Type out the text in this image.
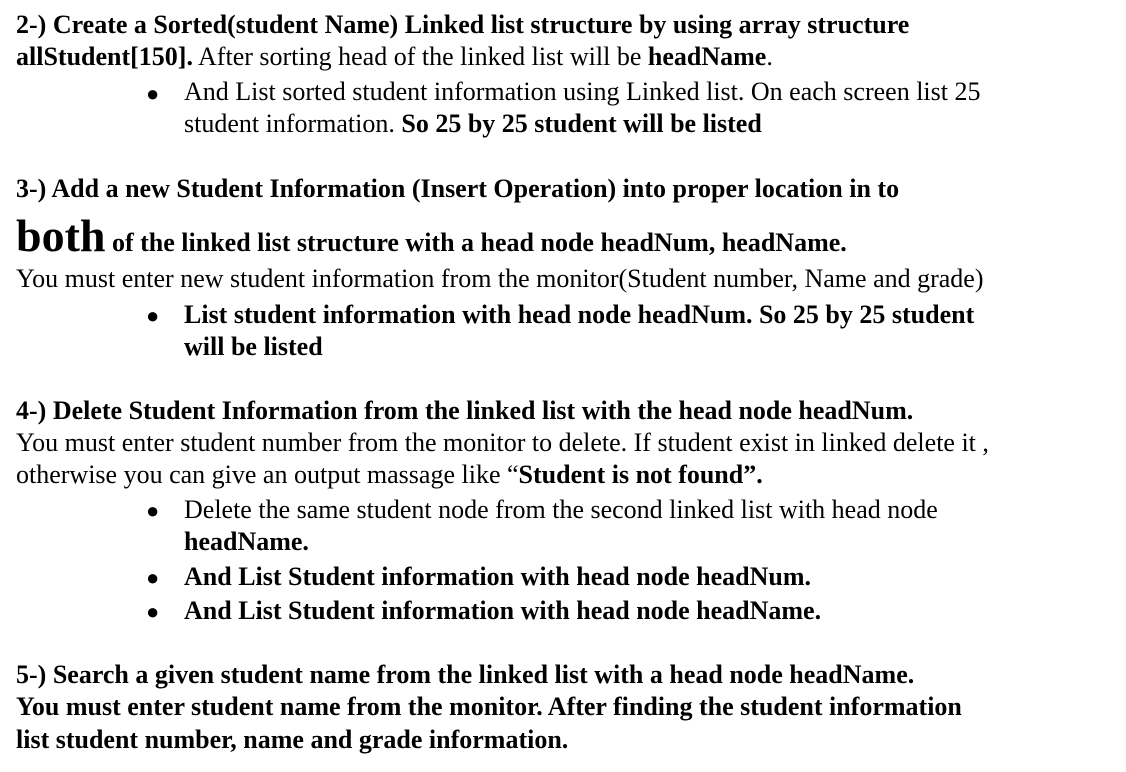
2-) Create a Sorted(student Name) Linked list structure by using array structure
allStudent[150]. After sorting head of the linked list will be headName.
● And List sorted student information using Linked list. On each screen list 25
student information. So 25 by 25 student will be listed
3-) Add a new Student Information (Insert Operation) into proper location in to
both of the linked list structure with a head node headNum, headName.
You must enter new student information from the monitor(Student number, Name and grade)
● List student information with head node headNum. So 25 by 25 student
will be listed
4-) Delete Student Information from the linked list with the head node headNum.
You must enter student number from the monitor to delete. If student exist in linked delete it ,
otherwise you can give an output massage like “Student is not found”.
● Delete the same student node from the second linked list with head node
headName.
● And List Student information with head node headNum.
● And List Student information with head node headName.
5-) Search a given student name from the linked list with a head node headName.
You must enter student name from the monitor. After finding the student information
list student number, name and grade information.
